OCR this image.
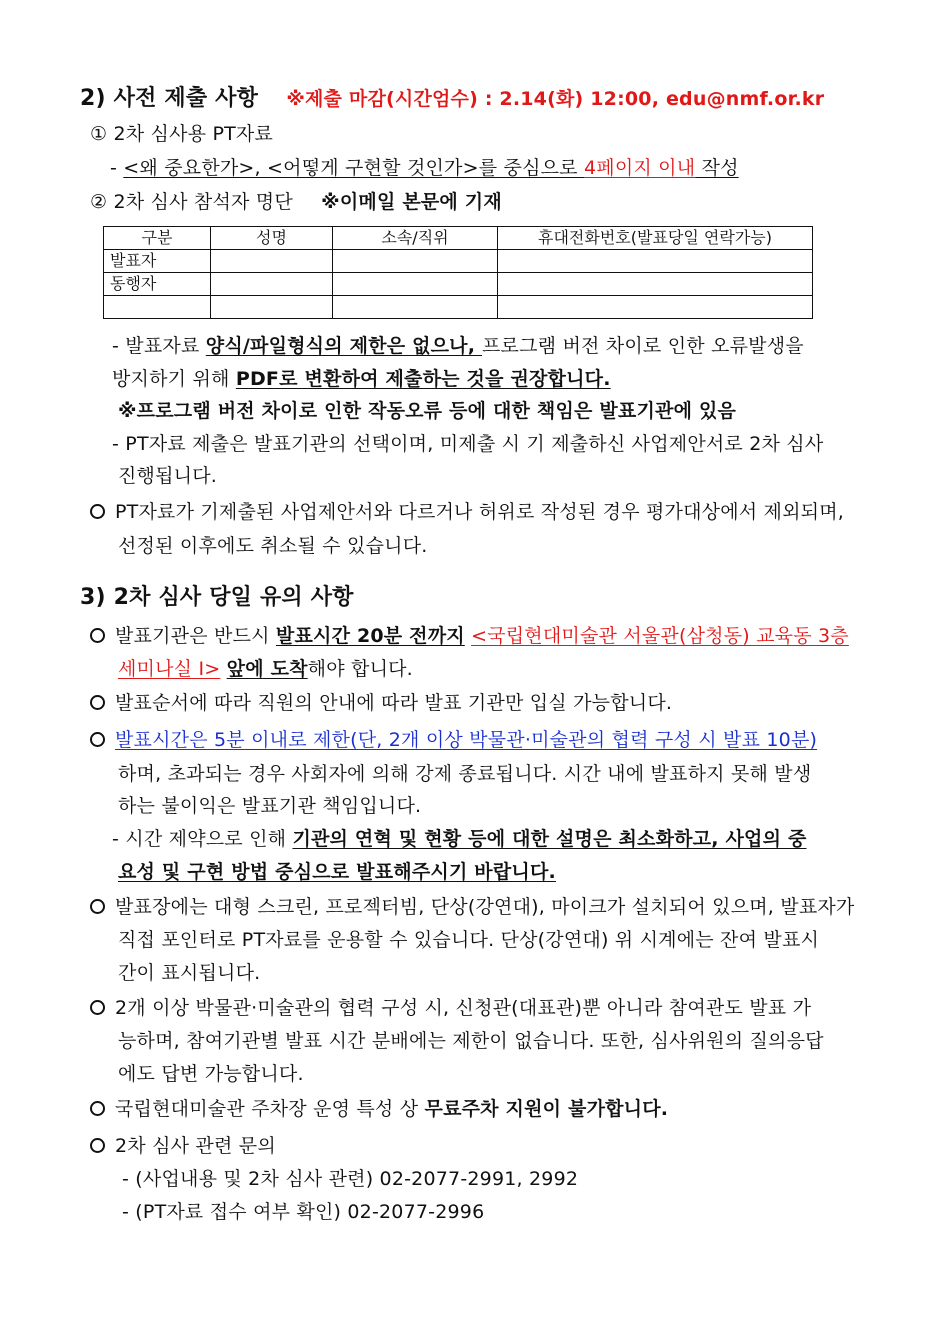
2) 사전 제출 사항 ※제출 마감(시간엄수) : 2.14(화) 12:00, edu@nmf.or.kr
① 2차 심사용 PT자료
- <왜 중요한가>, <어떻게 구현할 것인가>를 중심으로 4페이지 이내 작성
② 2차 심사 참석자 명단 ※이메일 본문에 기재
구분	성명	소속/직위	휴대전화번호(발표당일 연락가능)
발표자			
동행자			

- 발표자료 양식/파일형식의 제한은 없으나, 프로그램 버전 차이로 인한 오류발생을
방지하기 위해 PDF로 변환하여 제출하는 것을 권장합니다.
※프로그램 버전 차이로 인한 작동오류 등에 대한 책임은 발표기관에 있음
- PT자료 제출은 발표기관의 선택이며, 미제출 시 기 제출하신 사업제안서로 2차 심사
진행됩니다.
PT자료가 기제출된 사업제안서와 다르거나 허위로 작성된 경우 평가대상에서 제외되며,
선정된 이후에도 취소될 수 있습니다.
3) 2차 심사 당일 유의 사항
발표기관은 반드시 발표시간 20분 전까지 <국립현대미술관 서울관(삼청동) 교육동 3층
세미나실 I> 앞에 도착해야 합니다.
발표순서에 따라 직원의 안내에 따라 발표 기관만 입실 가능합니다.
발표시간은 5분 이내로 제한(단, 2개 이상 박물관·미술관의 협력 구성 시 발표 10분)
하며, 초과되는 경우 사회자에 의해 강제 종료됩니다. 시간 내에 발표하지 못해 발생
하는 불이익은 발표기관 책임입니다.
- 시간 제약으로 인해 기관의 연혁 및 현황 등에 대한 설명은 최소화하고, 사업의 중
요성 및 구현 방법 중심으로 발표해주시기 바랍니다.
발표장에는 대형 스크린, 프로젝터빔, 단상(강연대), 마이크가 설치되어 있으며, 발표자가
직접 포인터로 PT자료를 운용할 수 있습니다. 단상(강연대) 위 시계에는 잔여 발표시
간이 표시됩니다.
2개 이상 박물관·미술관의 협력 구성 시, 신청관(대표관)뿐 아니라 참여관도 발표 가
능하며, 참여기관별 발표 시간 분배에는 제한이 없습니다. 또한, 심사위원의 질의응답
에도 답변 가능합니다.
국립현대미술관 주차장 운영 특성 상 무료주차 지원이 불가합니다.
2차 심사 관련 문의
- (사업내용 및 2차 심사 관련) 02-2077-2991, 2992
- (PT자료 접수 여부 확인) 02-2077-2996
